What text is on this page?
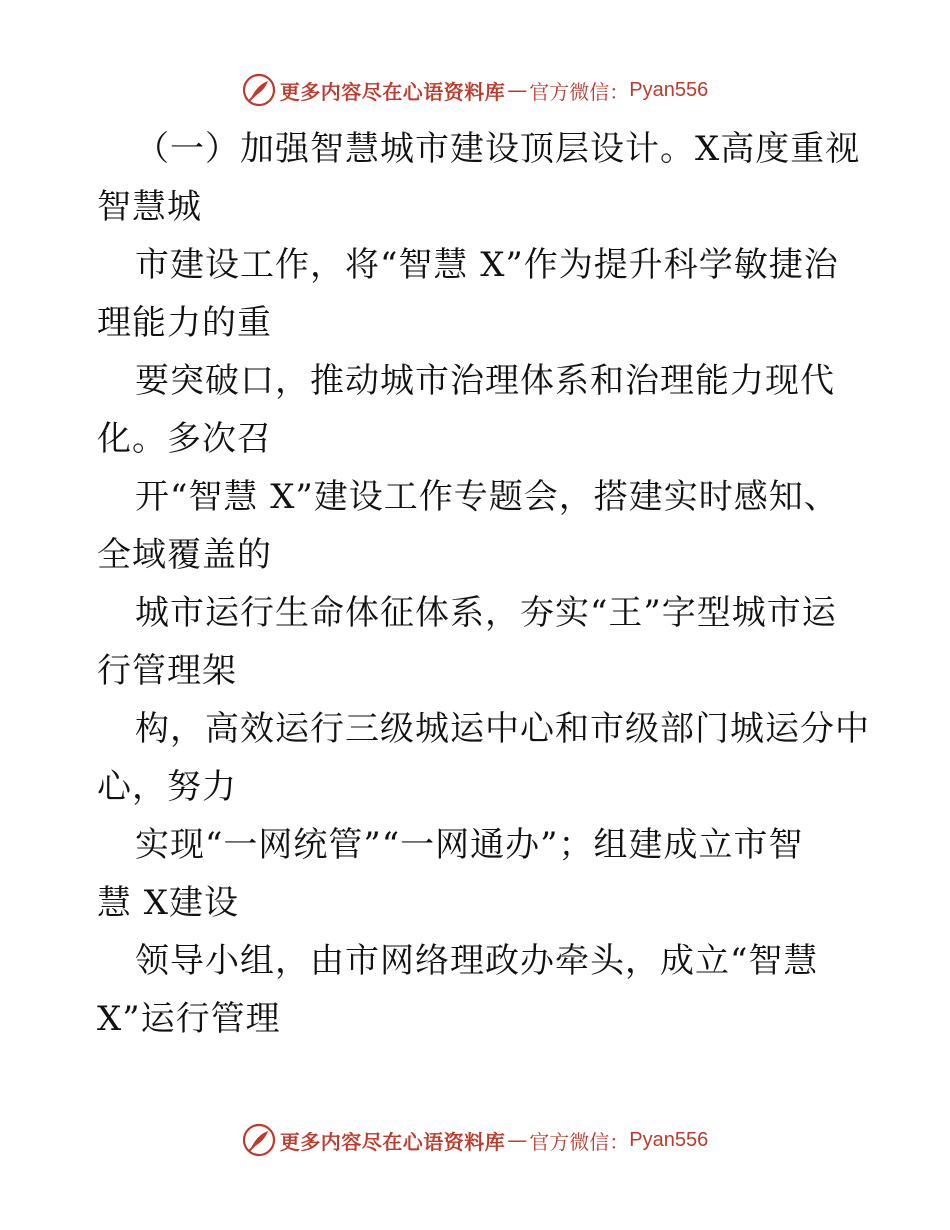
更多内容尽在心语资料库 — 官方微信： Pyan556
（一）加强智慧城市建设顶层设计。X高度重视
智慧城
市建设工作，将“智慧 X”作为提升科学敏捷治
理能力的重
要突破口，推动城市治理体系和治理能力现代
化。多次召
开“智慧 X”建设工作专题会，搭建实时感知、
全域覆盖的
城市运行生命体征体系，夯实“王”字型城市运
行管理架
构，高效运行三级城运中心和市级部门城运分中
心，努力
实现“一网统管”“一网通办”；组建成立市智
慧 X建设
领导小组，由市网络理政办牵头，成立“智慧
X”运行管理
更多内容尽在心语资料库 — 官方微信： Pyan556
